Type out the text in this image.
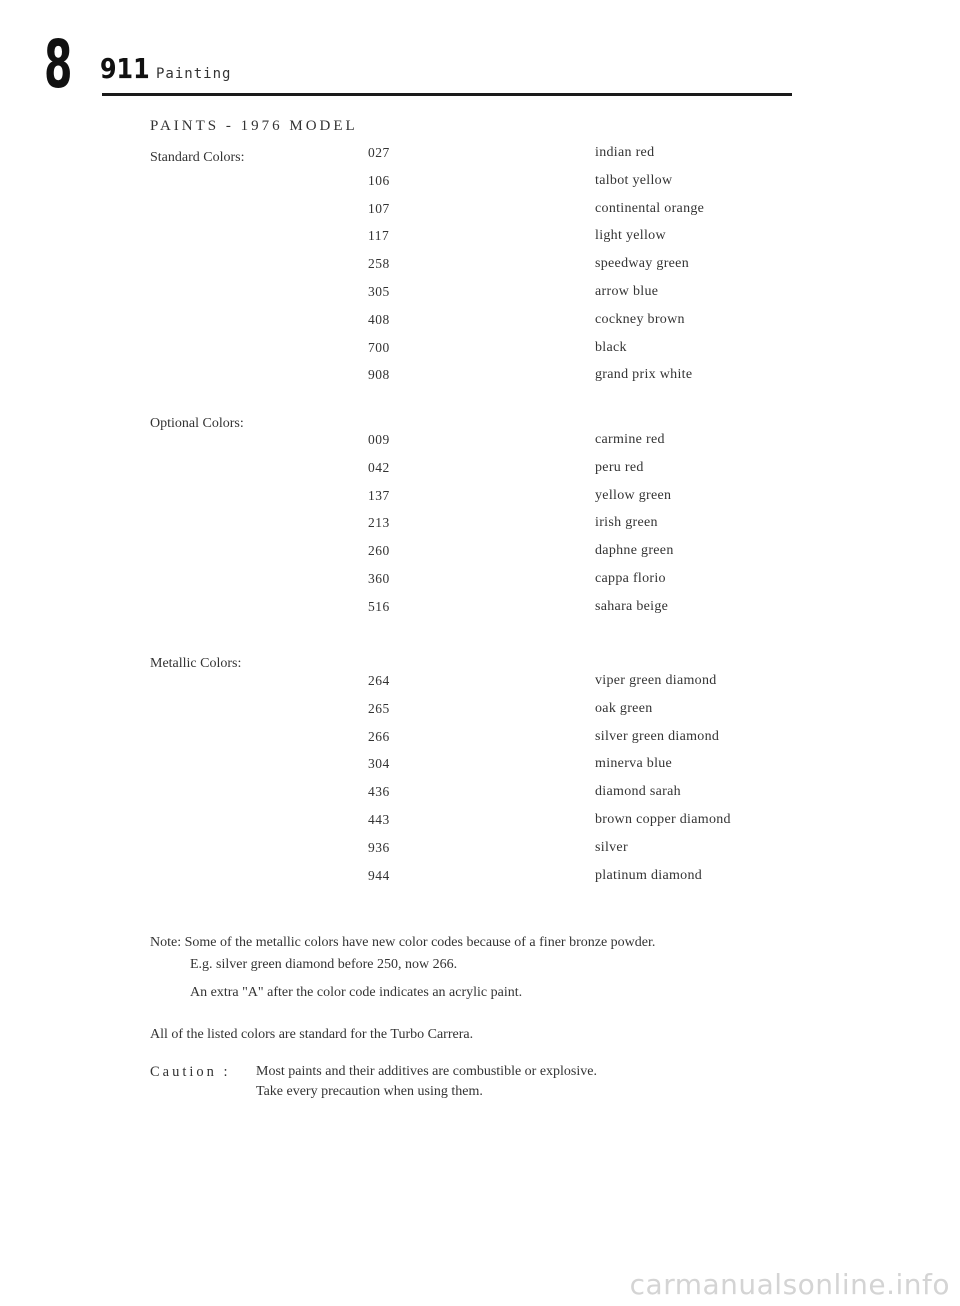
8 911 Painting
PAINTS - 1976 MODEL
Standard Colors:	027	indian red
106	talbot yellow
107	continental orange
117	light yellow
258	speedway green
305	arrow blue
408	cockney brown
700	black
908	grand prix white
Optional Colors:
009	carmine red
042	peru red
137	yellow green
213	irish green
260	daphne green
360	cappa florio
516	sahara beige
Metallic Colors:
264	viper green diamond
265	oak green
266	silver green diamond
304	minerva blue
436	diamond sarah
443	brown copper diamond
936	silver
944	platinum diamond
Note: Some of the metallic colors have new color codes because of a finer bronze powder.
E.g. silver green diamond before 250, now 266.
An extra "A" after the color code indicates an acrylic paint.
All of the listed colors are standard for the Turbo Carrera.
Caution : Most paints and their additives are combustible or explosive.
Take every precaution when using them.
carmanualsonline.info
